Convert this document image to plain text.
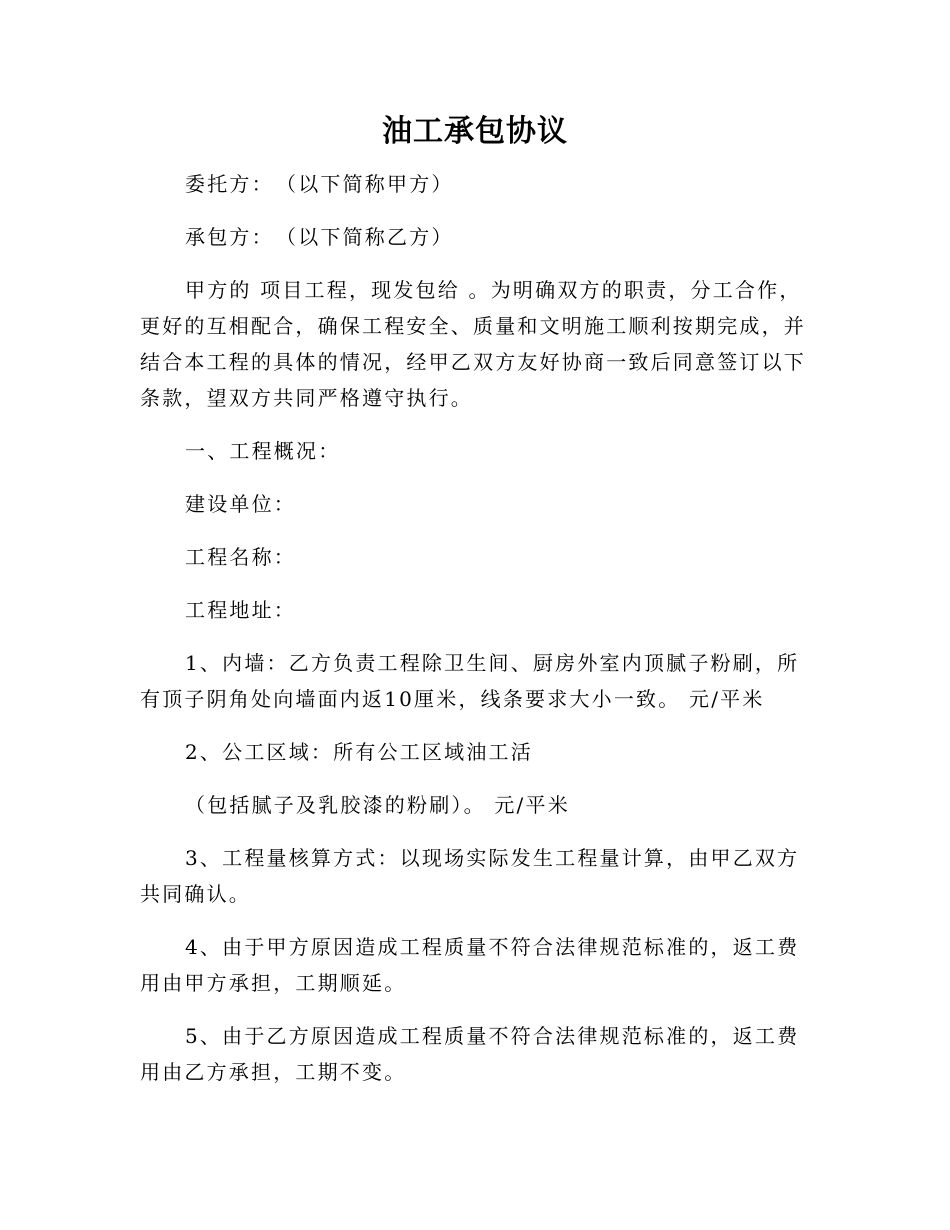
油工承包协议

委托方：　（以下简称甲方）

承包方：　（以下简称乙方）

甲方的 项目工程，现发包给 。为明确双方的职责，分工合作，更好的互相配合，确保工程安全、质量和文明施工顺利按期完成，并结合本工程的具体的情况，经甲乙双方友好协商一致后同意签订以下条款，望双方共同严格遵守执行。

一、工程概况：

建设单位：

工程名称：

工程地址：

1、内墙：乙方负责工程除卫生间、厨房外室内顶腻子粉刷，所有顶子阴角处向墙面内返10厘米，线条要求大小一致。 元/平米

2、公工区域：所有公工区域油工活

（包括腻子及乳胶漆的粉刷）。 元/平米

3、工程量核算方式：以现场实际发生工程量计算，由甲乙双方共同确认。

4、由于甲方原因造成工程质量不符合法律规范标准的，返工费用由甲方承担，工期顺延。

5、由于乙方原因造成工程质量不符合法律规范标准的，返工费用由乙方承担，工期不变。
